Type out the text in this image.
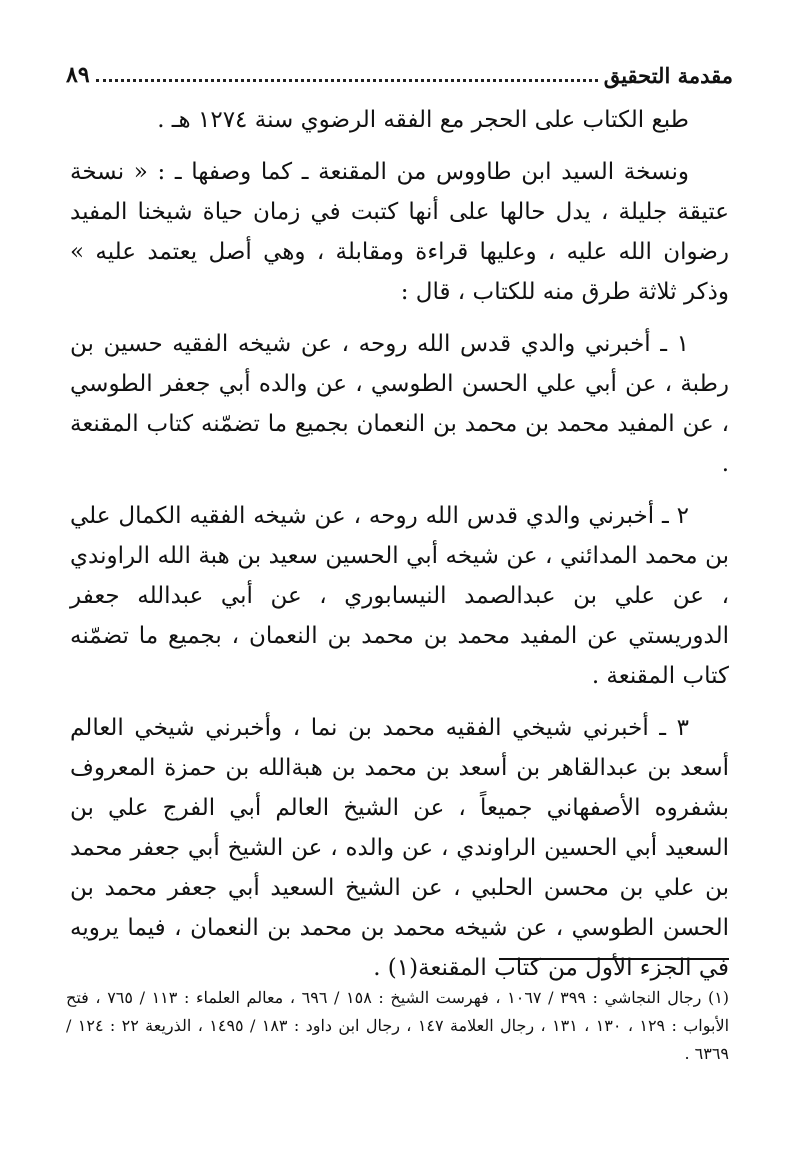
مقدمة التحقيق
٨٩

طبع الكتاب على الحجر مع الفقه الرضوي سنة ١٢٧٤ هـ .

ونسخة السيد ابن طاووس من المقنعة ـ كما وصفها ـ : « نسخة عتيقة جليلة ، يدل حالها على أنها كتبت في زمان حياة شيخنا المفيد رضوان الله عليه ، وعليها قراءة ومقابلة ، وهي أصل يعتمد عليه » وذكر ثلاثة طرق منه للكتاب ، قال :

١ ـ أخبرني والدي قدس الله روحه ، عن شيخه الفقيه حسين بن رطبة ، عن أبي علي الحسن الطوسي ، عن والده أبي جعفر الطوسي ، عن المفيد محمد بن محمد بن النعمان بجميع ما تضمّنه كتاب المقنعة .

٢ ـ أخبرني والدي قدس الله روحه ، عن شيخه الفقيه الكمال علي بن محمد المدائني ، عن شيخه أبي الحسين سعيد بن هبة الله الراوندي ، عن علي بن عبدالصمد النيسابوري ، عن أبي عبدالله جعفر الدوريستي عن المفيد محمد بن محمد بن النعمان ، بجميع ما تضمّنه كتاب المقنعة .

٣ ـ أخبرني شيخي الفقيه محمد بن نما ، وأخبرني شيخي العالم أسعد بن عبدالقاهر بن أسعد بن محمد بن هبةالله بن حمزة المعروف بشفروه الأصفهاني جميعاً ، عن الشيخ العالم أبي الفرج علي بن السعيد أبي الحسين الراوندي ، عن والده ، عن الشيخ أبي جعفر محمد بن علي بن محسن الحلبي ، عن الشيخ السعيد أبي جعفر محمد بن الحسن الطوسي ، عن شيخه محمد بن محمد بن النعمان ، فيما يرويه في الجزء الأول من كتاب المقنعة(١) .

(١) رجال النجاشي : ٣٩٩ / ١٠٦٧ ، فهرست الشيخ : ١٥٨ / ٦٩٦ ، معالم العلماء : ١١٣ / ٧٦٥ ، فتح الأبواب : ١٢٩ ، ١٣٠ ، ١٣١ ، رجال العلامة ١٤٧ ، رجال ابن داود : ١٨٣ / ١٤٩٥ ، الذريعة ٢٢ : ١٢٤ / ٦٣٦٩ .
